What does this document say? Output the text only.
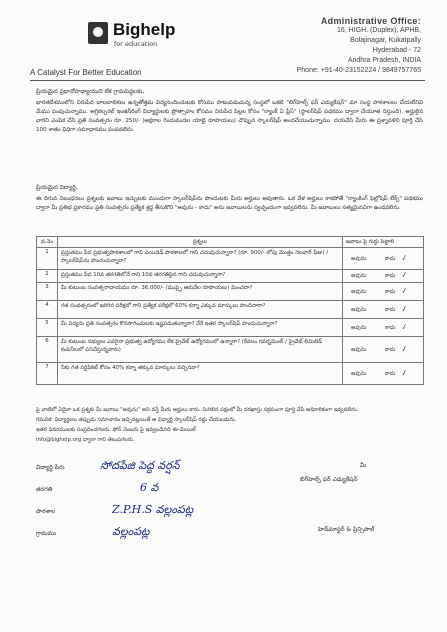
Bighelp
for education
A Catalyst For Better Education
Administrative Office:
16, HIGH. (Duplex), APHB,
Bolajinagar, Kukatpally
Hyderabad - 72
Andhra Pradesh, INDIA
Phone: +91-40-23152224 / 9849757765
ప్రియమైన ప్రధానోపాధ్యాయుని లేక గ్రామపెద్దలకు,
భారతదేశములోని నిరుపేద బాలబాలికలు ఉన్నతోత్తమ విద్యనందించుటకు కోసము పాటుపడుచున్న సంస్థలో ఒకటి "బిగ్‌హెల్ప్ ఫర్ ఎడ్యుకేషన్" మా సంస్థ పాఠశాలలు చేయలేనివి మేము పంపుచున్నాము. అగ్రికల్చరల్ ఇంజినీరింగ్ విద్యార్థులకు ప్రోత్సాహం కోసము నిరుపేద పిల్లల కోసం "ర్యాంక్ ఏ ప్లేస్" (స్టాలర్‌షిప్ పథకము ద్వారా చేయూత నిస్తుంది). అర్హులైన వారిని ఎంపిక చేసి ప్రతి సంవత్సరం రూ. 250/- (అక్షరాల రెండువందల యాభై రూపాయలు) చొప్పున స్కాలర్‌షిప్ అందచేయుచున్నాము. దయచేసి మీరు ఈ ప్రశ్నావళిని పూర్తి చేసి 100 శాతం విధిగా సమాధానము పంపవలెను.
ప్రియమైన విద్యార్థి,
ఈ దిగువ నిబంధనలు ప్రశ్నలకు జవాబు ఇచ్చుటకు ముందుగా స్కాలర్‌షిప్‌ను పొందుటకు మీరు అర్హులు అవుతారు. ఒక వేళ అర్హులు కాకపోతే "ర్యాంకింగ్ ఫెల్లోషిప్ లేక్స్" పథకము ద్వారా మీ ప్రతిభ ప్రకారము ప్రతి సంవత్సరం ప్రత్యేక శ్రద్ధ తీసుకొని "అవును - కాదు" అను జవాబులను స్వచ్ఛందంగా ఇవ్వవలెను. మీ జవాబులు సత్యమైనవిగా ఉండవలెను.
వ.నెం	ప్రశ్నలు	జవాబు పై గుర్తు పెట్టాలి
1	ప్రస్తుతము పేద ప్రభుత్వపాఠశాలలో గాని ఎయిడెడ్ పాఠశాలలో గాని చదువుచున్నారా? (రూ. 900/- లోపు మొత్తం నెలవారీ ఫీజు) / స్కాలర్‌షిప్‌ను పొందుచున్నారా?	అవును కాదు ✓

2	ప్రస్తుతము పేద 10వ తరగతిలోనే గాని 10వ తరగతిపైన గాని చదువుచున్నారా?	అవును కాదు ✓

3	మీ కుటుంబ సంవత్సరాదాయము రూ. 36,000/- (ముప్పై ఆరువేల రూపాయలు) మించదా?	అవును కాదు ✓

4	గత సంవత్సరంలో జరిగిన పరీక్షలో గాని ప్రత్యేక పరీక్షలో 60% కన్నా ఎక్కువ మార్కులు పొందినారా?	అవును కాదు ✓

5	మీ విద్యను ప్రతి సంవత్సరం కొనసాగించుటకు ఇష్టపడుతున్నారా? వేరే ఇతర స్కాలర్‌షిప్ పొందుచున్నారా?	అవును కాదు ✓

6	మీ కుటుంబ సభ్యులు ఎవరైనా ప్రభుత్వ ఉద్యోగము లేక ప్రైవేట్ ఉద్యోగములో ఉన్నారా? (కేవలం గవర్నమెంట్ / ప్రైవేట్ లిమిటెడ్ కంపెనీలలో పనిచేస్తున్నవారు)	అవును కాదు ✓

7	నీకు గత సర్టిఫికెట్ కోసం 40% కన్నా తక్కువ మార్కులు వచ్చినవా?	అవును కాదు ✓
పై వాటిలో ఏదైనా ఒక ప్రశ్నకు మీ జవాబు "అవును" అని వస్తే మీరు అర్హులు కారు. మిగిలిన పక్షంలో మీ దరఖాస్తు సక్రమంగా పూర్తి చేసి అధికారికంగా ఇవ్వవలెను.
గమనిక: విద్యార్థులు తప్పుడు సమాచారం ఇచ్చినట్లయితే ఆ విద్యార్థి స్కాలర్‌షిప్ రద్దు చేయబడును.
ఇతర వివరములకు సంప్రదించగలరు. ఫోన్ నెంబరు పై ఇవ్వబడినది ఈ-మెయిల్
info@bighelp.org ద్వారా గాని తెలుపగలరు.
విద్యార్థి పేరు	సోదపేజి పెద్ద వర్షన్
తరగతి	6 వ
పాఠశాల	Z.P.H.S వల్లంపట్ల
గ్రామము	వల్లంపట్ల
మీ
బిగ్‌హెల్ప్ ఫర్ ఎడ్యుకేషన్
హెడ్‌మాస్టర్ & ప్రిన్సిపాల్
